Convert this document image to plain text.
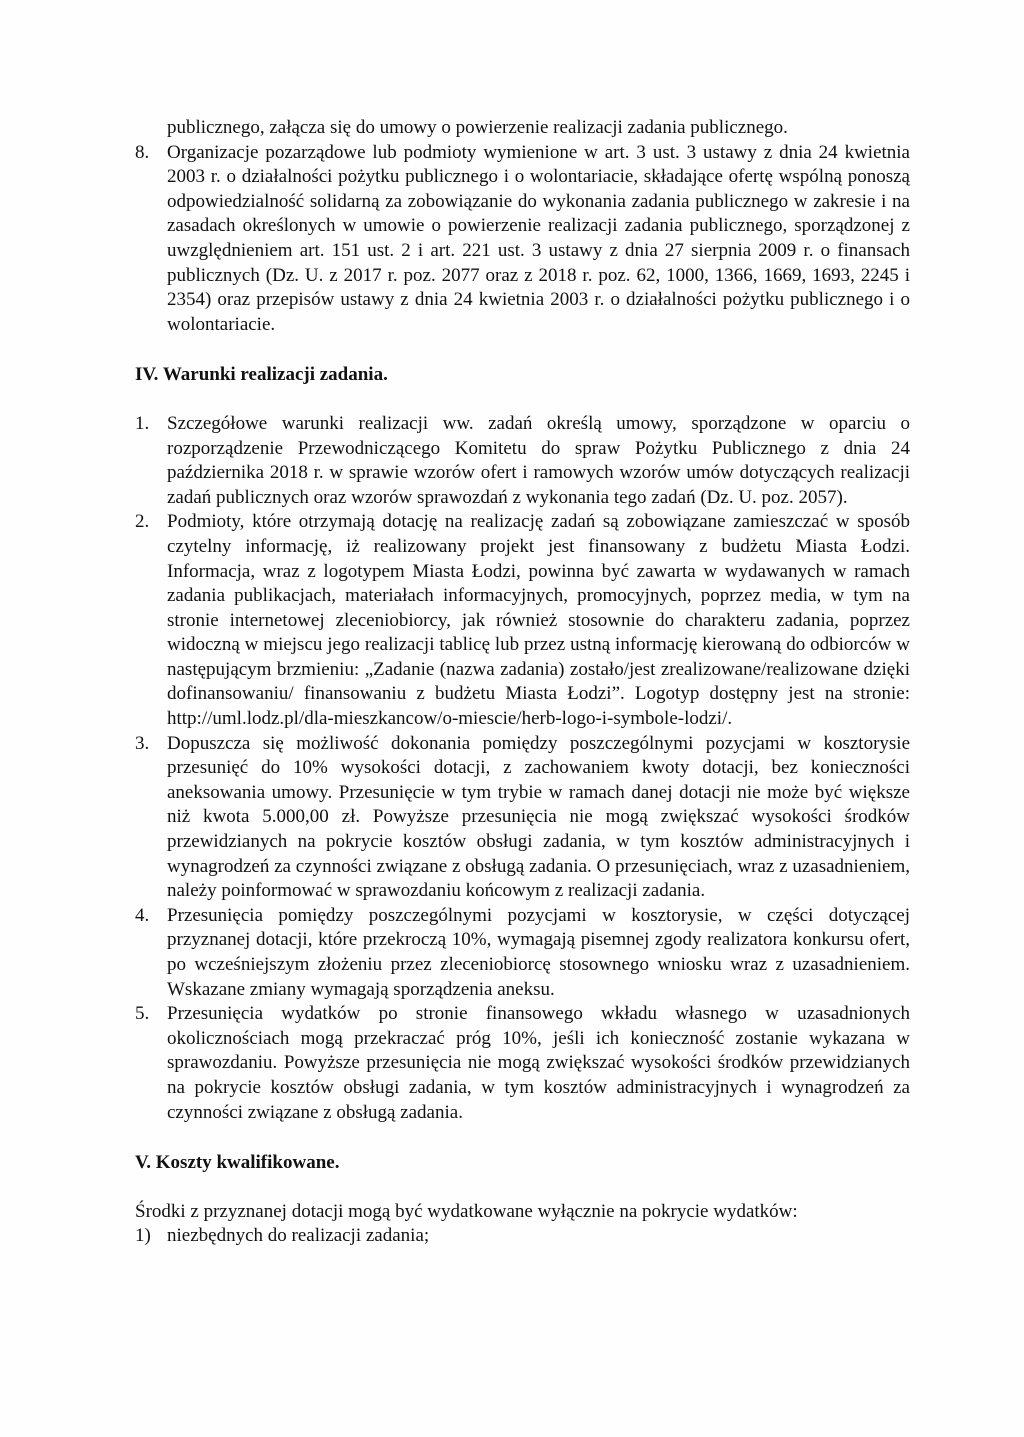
publicznego, załącza się do umowy o powierzenie realizacji zadania publicznego.

8. Organizacje pozarządowe lub podmioty wymienione w art. 3 ust. 3 ustawy z dnia 24 kwietnia 2003 r. o działalności pożytku publicznego i o wolontariacie, składające ofertę wspólną ponoszą odpowiedzialność solidarną za zobowiązanie do wykonania zadania publicznego w zakresie i na zasadach określonych w umowie o powierzenie realizacji zadania publicznego, sporządzonej z uwzględnieniem art. 151 ust. 2 i art. 221 ust. 3 ustawy z dnia 27 sierpnia 2009 r. o finansach publicznych (Dz. U. z 2017 r. poz. 2077 oraz z 2018 r. poz. 62, 1000, 1366, 1669, 1693, 2245 i 2354) oraz przepisów ustawy z dnia 24 kwietnia 2003 r. o działalności pożytku publicznego i o wolontariacie.

IV. Warunki realizacji zadania.

1. Szczegółowe warunki realizacji ww. zadań określą umowy, sporządzone w oparciu o rozporządzenie Przewodniczącego Komitetu do spraw Pożytku Publicznego z dnia 24 października 2018 r. w sprawie wzorów ofert i ramowych wzorów umów dotyczących realizacji zadań publicznych oraz wzorów sprawozdań z wykonania tego zadań (Dz. U. poz. 2057).
2. Podmioty, które otrzymają dotację na realizację zadań są zobowiązane zamieszczać w sposób czytelny informację, iż realizowany projekt jest finansowany z budżetu Miasta Łodzi. Informacja, wraz z logotypem Miasta Łodzi, powinna być zawarta w wydawanych w ramach zadania publikacjach, materiałach informacyjnych, promocyjnych, poprzez media, w tym na stronie internetowej zleceniobiorcy, jak również stosownie do charakteru zadania, poprzez widoczną w miejscu jego realizacji tablicę lub przez ustną informację kierowaną do odbiorców w następującym brzmieniu: „Zadanie (nazwa zadania) zostało/jest zrealizowane/realizowane dzięki dofinansowaniu/ finansowaniu z budżetu Miasta Łodzi”. Logotyp dostępny jest na stronie: http://uml.lodz.pl/dla-mieszkancow/o-miescie/herb-logo-i-symbole-lodzi/.
3. Dopuszcza się możliwość dokonania pomiędzy poszczególnymi pozycjami w kosztorysie przesunięć do 10% wysokości dotacji, z zachowaniem kwoty dotacji, bez konieczności aneksowania umowy. Przesunięcie w tym trybie w ramach danej dotacji nie może być większe niż kwota 5.000,00 zł. Powyższe przesunięcia nie mogą zwiększać wysokości środków przewidzianych na pokrycie kosztów obsługi zadania, w tym kosztów administracyjnych i wynagrodzeń za czynności związane z obsługą zadania. O przesunięciach, wraz z uzasadnieniem, należy poinformować w sprawozdaniu końcowym z realizacji zadania.
4. Przesunięcia pomiędzy poszczególnymi pozycjami w kosztorysie, w części dotyczącej przyznanej dotacji, które przekroczą 10%, wymagają pisemnej zgody realizatora konkursu ofert, po wcześniejszym złożeniu przez zleceniobiorcę stosownego wniosku wraz z uzasadnieniem. Wskazane zmiany wymagają sporządzenia aneksu.
5. Przesunięcia wydatków po stronie finansowego wkładu własnego w uzasadnionych okolicznościach mogą przekraczać próg 10%, jeśli ich konieczność zostanie wykazana w sprawozdaniu. Powyższe przesunięcia nie mogą zwiększać wysokości środków przewidzianych na pokrycie kosztów obsługi zadania, w tym kosztów administracyjnych i wynagrodzeń za czynności związane z obsługą zadania.

V. Koszty kwalifikowane.

Środki z przyznanej dotacji mogą być wydatkowane wyłącznie na pokrycie wydatków:

1) niezbędnych do realizacji zadania;
